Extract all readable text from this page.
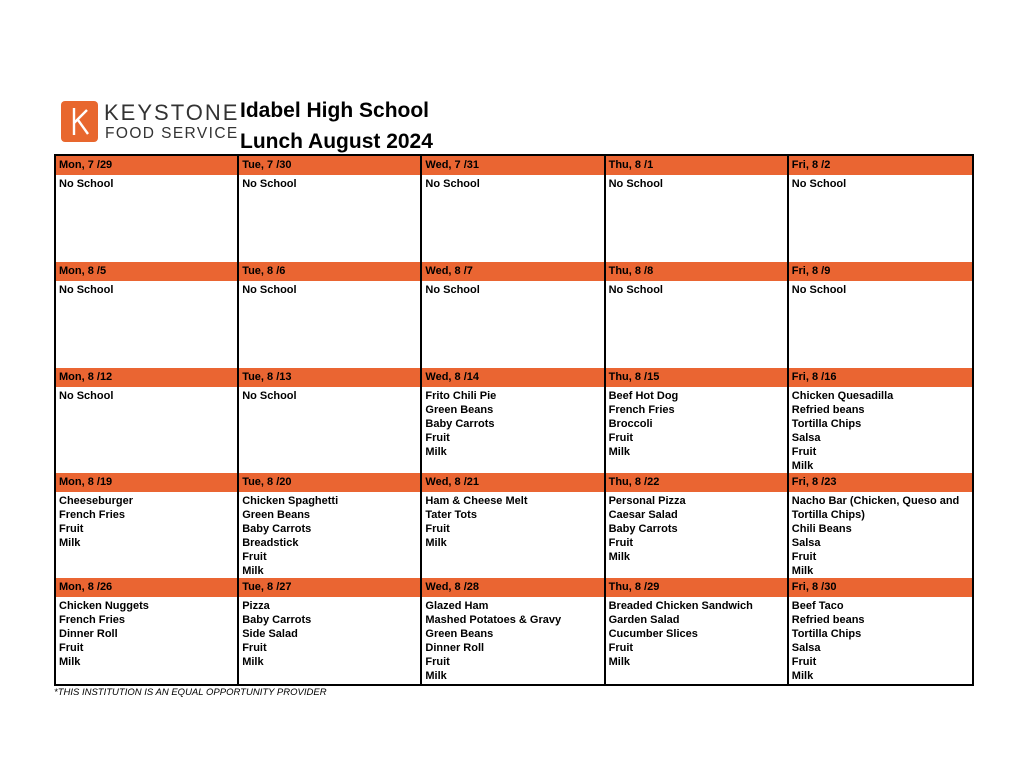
KEYSTONE
FOOD SERVICE
Idabel High School
Lunch August 2024
Mon, 7 /29
No School
Tue, 7 /30
No School
Wed, 7 /31
No School
Thu, 8 /1
No School
Fri, 8 /2
No School
Mon, 8 /5
No School
Tue, 8 /6
No School
Wed, 8 /7
No School
Thu, 8 /8
No School
Fri, 8 /9
No School
Mon, 8 /12
No School
Tue, 8 /13
No School
Wed, 8 /14
Frito Chili Pie
Green Beans
Baby Carrots
Fruit
Milk
Thu, 8 /15
Beef Hot Dog
French Fries
Broccoli
Fruit
Milk
Fri, 8 /16
Chicken Quesadilla
Refried beans
Tortilla Chips
Salsa
Fruit
Milk
Mon, 8 /19
Cheeseburger
French Fries
Fruit
Milk
Tue, 8 /20
Chicken Spaghetti
Green Beans
Baby Carrots
Breadstick
Fruit
Milk
Wed, 8 /21
Ham & Cheese Melt
Tater Tots
Fruit
Milk
Thu, 8 /22
Personal Pizza
Caesar Salad
Baby Carrots
Fruit
Milk
Fri, 8 /23
Nacho Bar (Chicken, Queso and Tortilla Chips)
Chili Beans
Salsa
Fruit
Milk
Mon, 8 /26
Chicken Nuggets
French Fries
Dinner Roll
Fruit
Milk
Tue, 8 /27
Pizza
Baby Carrots
Side Salad
Fruit
Milk
Wed, 8 /28
Glazed Ham
Mashed Potatoes & Gravy
Green Beans
Dinner Roll
Fruit
Milk
Thu, 8 /29
Breaded Chicken Sandwich
Garden Salad
Cucumber Slices
Fruit
Milk
Fri, 8 /30
Beef Taco
Refried beans
Tortilla Chips
Salsa
Fruit
Milk
*THIS INSTITUTION IS AN EQUAL OPPORTUNITY PROVIDER
